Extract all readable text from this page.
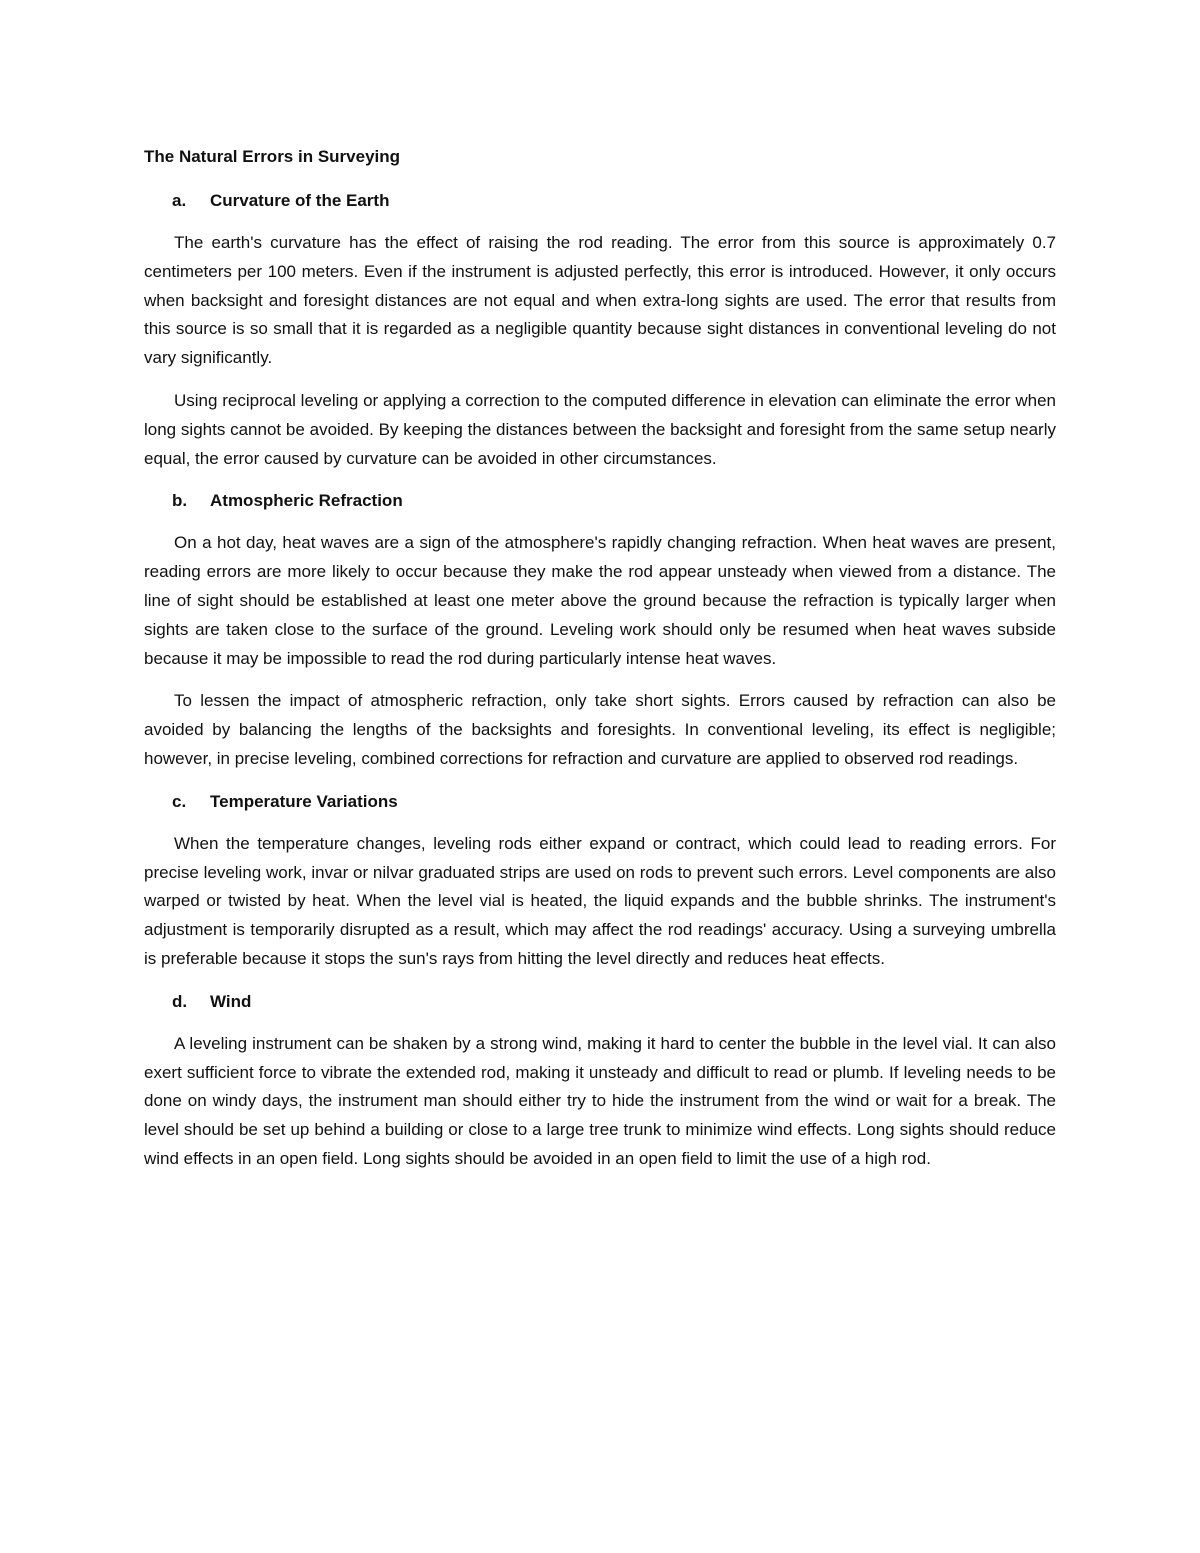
The Natural Errors in Surveying
a.	Curvature of the Earth

The earth's curvature has the effect of raising the rod reading. The error from this source is approximately 0.7 centimeters per 100 meters. Even if the instrument is adjusted perfectly, this error is introduced. However, it only occurs when backsight and foresight distances are not equal and when extra-long sights are used. The error that results from this source is so small that it is regarded as a negligible quantity because sight distances in conventional leveling do not vary significantly.

Using reciprocal leveling or applying a correction to the computed difference in elevation can eliminate the error when long sights cannot be avoided. By keeping the distances between the backsight and foresight from the same setup nearly equal, the error caused by curvature can be avoided in other circumstances.

b.	Atmospheric Refraction

On a hot day, heat waves are a sign of the atmosphere's rapidly changing refraction. When heat waves are present, reading errors are more likely to occur because they make the rod appear unsteady when viewed from a distance. The line of sight should be established at least one meter above the ground because the refraction is typically larger when sights are taken close to the surface of the ground. Leveling work should only be resumed when heat waves subside because it may be impossible to read the rod during particularly intense heat waves.

To lessen the impact of atmospheric refraction, only take short sights. Errors caused by refraction can also be avoided by balancing the lengths of the backsights and foresights. In conventional leveling, its effect is negligible; however, in precise leveling, combined corrections for refraction and curvature are applied to observed rod readings.

c.	Temperature Variations

When the temperature changes, leveling rods either expand or contract, which could lead to reading errors. For precise leveling work, invar or nilvar graduated strips are used on rods to prevent such errors. Level components are also warped or twisted by heat. When the level vial is heated, the liquid expands and the bubble shrinks. The instrument's adjustment is temporarily disrupted as a result, which may affect the rod readings' accuracy. Using a surveying umbrella is preferable because it stops the sun's rays from hitting the level directly and reduces heat effects.

d.	Wind

A leveling instrument can be shaken by a strong wind, making it hard to center the bubble in the level vial. It can also exert sufficient force to vibrate the extended rod, making it unsteady and difficult to read or plumb. If leveling needs to be done on windy days, the instrument man should either try to hide the instrument from the wind or wait for a break. The level should be set up behind a building or close to a large tree trunk to minimize wind effects. Long sights should reduce wind effects in an open field. Long sights should be avoided in an open field to limit the use of a high rod.
